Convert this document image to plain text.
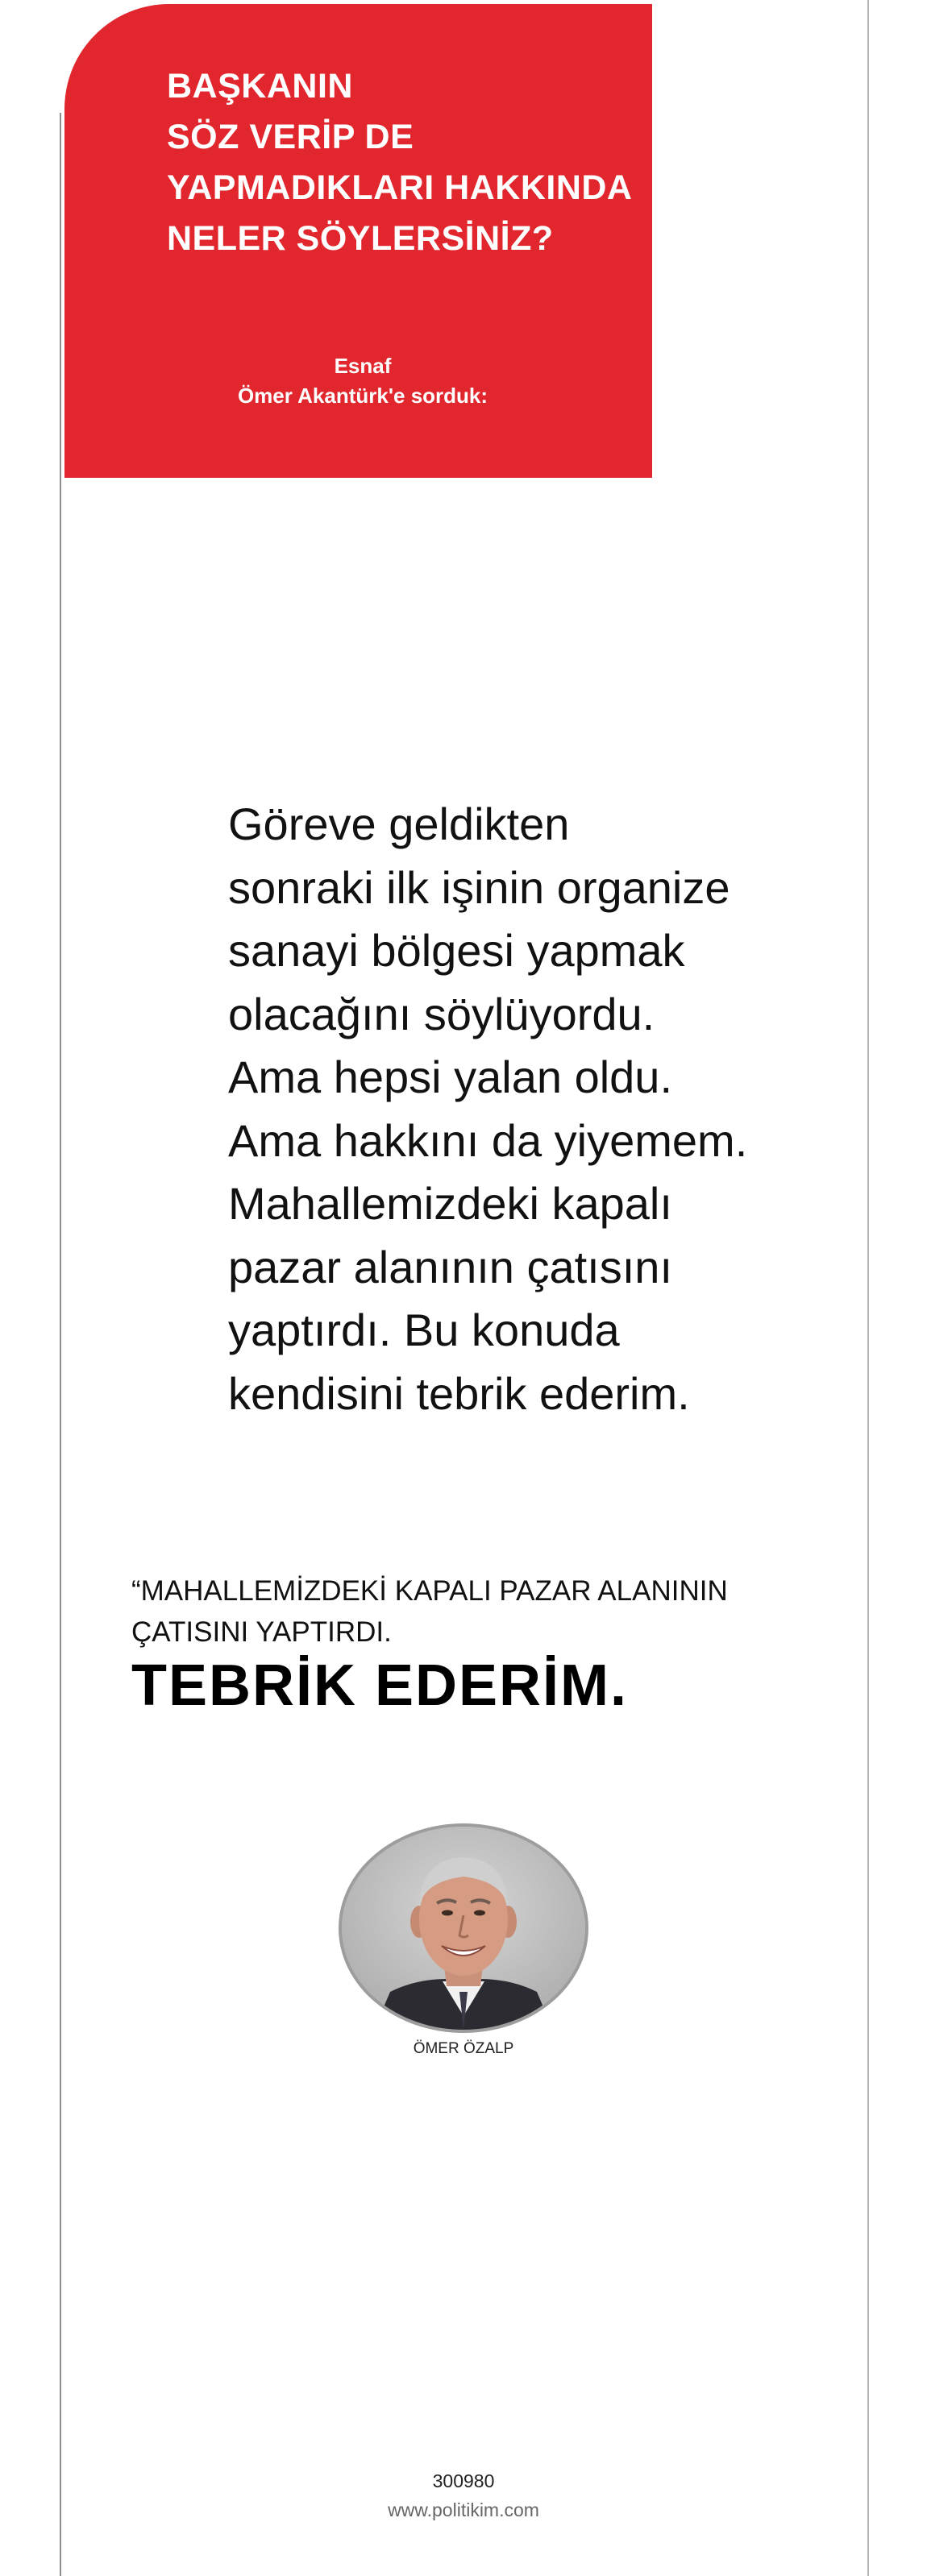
BAŞKANIN
SÖZ VERİP DE
YAPMADIKLARI HAKKINDA
NELER SÖYLERSİNİZ?
Esnaf
Ömer Akantürk'e sorduk:
Göreve geldikten
sonraki ilk işinin organize
sanayi bölgesi yapmak
olacağını söylüyordu.
Ama hepsi yalan oldu.
Ama hakkını da yiyemem.
Mahallemizdeki kapalı
pazar alanının çatısını
yaptırdı. Bu konuda
kendisini tebrik ederim.
“MAHALLEMİZDEKİ KAPALI PAZAR ALANININ
ÇATISINI YAPTIRDI.
TEBRİK EDERİM.
ÖMER ÖZALP
300980
www.politikim.com
